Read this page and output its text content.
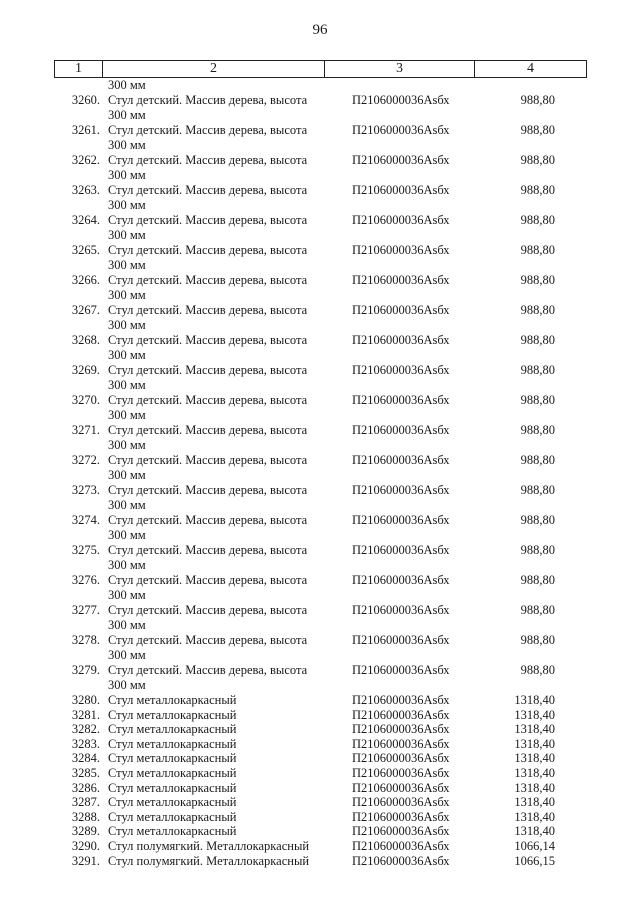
96
1	2	3	4
300 мм
3260. Стул детский. Массив дерева, высота
300 мм
П2106000036Аsбх	988,80
3261. Стул детский. Массив дерева, высота
300 мм
П2106000036Аsбх	988,80
3262. Стул детский. Массив дерева, высота
300 мм
П2106000036Аsбх	988,80
3263. Стул детский. Массив дерева, высота
300 мм
П2106000036Аsбх	988,80
3264. Стул детский. Массив дерева, высота
300 мм
П2106000036Аsбх	988,80
3265. Стул детский. Массив дерева, высота
300 мм
П2106000036Аsбх	988,80
3266. Стул детский. Массив дерева, высота
300 мм
П2106000036Аsбх	988,80
3267. Стул детский. Массив дерева, высота
300 мм
П2106000036Аsбх	988,80
3268. Стул детский. Массив дерева, высота
300 мм
П2106000036Аsбх	988,80
3269. Стул детский. Массив дерева, высота
300 мм
П2106000036Аsбх	988,80
3270. Стул детский. Массив дерева, высота
300 мм
П2106000036Аsбх	988,80
3271. Стул детский. Массив дерева, высота
300 мм
П2106000036Аsбх	988,80
3272. Стул детский. Массив дерева, высота
300 мм
П2106000036Аsбх	988,80
3273. Стул детский. Массив дерева, высота
300 мм
П2106000036Аsбх	988,80
3274. Стул детский. Массив дерева, высота
300 мм
П2106000036Аsбх	988,80
3275. Стул детский. Массив дерева, высота
300 мм
П2106000036Аsбх	988,80
3276. Стул детский. Массив дерева, высота
300 мм
П2106000036Аsбх	988,80
3277. Стул детский. Массив дерева, высота
300 мм
П2106000036Аsбх	988,80
3278. Стул детский. Массив дерева, высота
300 мм
П2106000036Аsбх	988,80
3279. Стул детский. Массив дерева, высота
300 мм
П2106000036Аsбх	988,80
3280. Стул металлокаркасный	П2106000036Аsбх	1318,40
3281. Стул металлокаркасный	П2106000036Аsбх	1318,40
3282. Стул металлокаркасный	П2106000036Аsбх	1318,40
3283. Стул металлокаркасный	П2106000036Аsбх	1318,40
3284. Стул металлокаркасный	П2106000036Аsбх	1318,40
3285. Стул металлокаркасный	П2106000036Аsбх	1318,40
3286. Стул металлокаркасный	П2106000036Аsбх	1318,40
3287. Стул металлокаркасный	П2106000036Аsбх	1318,40
3288. Стул металлокаркасный	П2106000036Аsбх	1318,40
3289. Стул металлокаркасный	П2106000036Аsбх	1318,40
3290. Стул полумягкий. Металлокаркасный	П2106000036Аsбх	1066,14
3291. Стул полумягкий. Металлокаркасный	П2106000036Аsбх	1066,15
